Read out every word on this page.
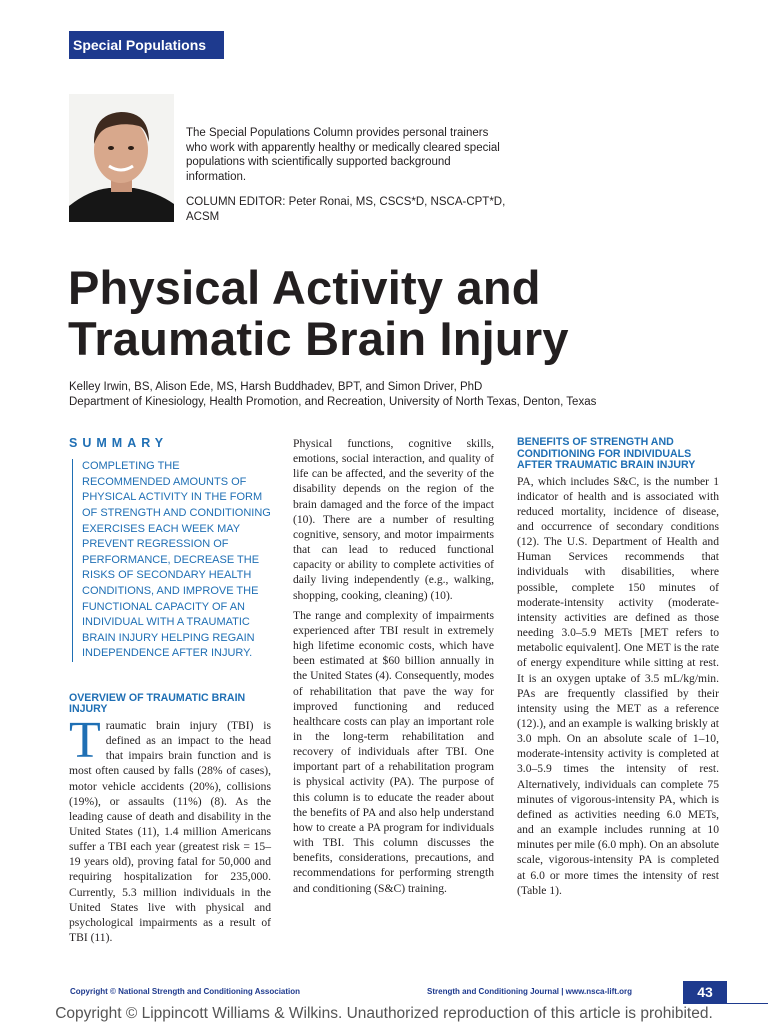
Special Populations

The Special Populations Column provides personal trainers who work with apparently healthy or medically cleared special populations with scientifically supported background information.

COLUMN EDITOR: Peter Ronai, MS, CSCS*D, NSCA-CPT*D, ACSM

Physical Activity and Traumatic Brain Injury
Kelley Irwin, BS, Alison Ede, MS, Harsh Buddhadev, BPT, and Simon Driver, PhD
Department of Kinesiology, Health Promotion, and Recreation, University of North Texas, Denton, Texas
SUMMARY
COMPLETING THE RECOMMENDED AMOUNTS OF PHYSICAL ACTIVITY IN THE FORM OF STRENGTH AND CONDITIONING EXERCISES EACH WEEK MAY PREVENT REGRESSION OF PERFORMANCE, DECREASE THE RISKS OF SECONDARY HEALTH CONDITIONS, AND IMPROVE THE FUNCTIONAL CAPACITY OF AN INDIVIDUAL WITH A TRAUMATIC BRAIN INJURY HELPING REGAIN INDEPENDENCE AFTER INJURY.
OVERVIEW OF TRAUMATIC BRAIN INJURY

Traumatic brain injury (TBI) is defined as an impact to the head that impairs brain function and is most often caused by falls (28% of cases), motor vehicle accidents (20%), collisions (19%), or assaults (11%) (8). As the leading cause of death and disability in the United States (11), 1.4 million Americans suffer a TBI each year (greatest risk = 15–19 years old), proving fatal for 50,000 and requiring hospitalization for 235,000. Currently, 5.3 million individuals in the United States live with physical and psychological impairments as a result of TBI (11).

Physical functions, cognitive skills, emotions, social interaction, and quality of life can be affected, and the severity of the disability depends on the region of the brain damaged and the force of the impact (10). There are a number of resulting cognitive, sensory, and motor impairments that can lead to reduced functional capacity or ability to complete activities of daily living independently (e.g., walking, shopping, cooking, cleaning) (10).

The range and complexity of impairments experienced after TBI result in extremely high lifetime economic costs, which have been estimated at $60 billion annually in the United States (4). Consequently, modes of rehabilitation that pave the way for improved functioning and reduced healthcare costs can play an important role in the long-term rehabilitation and recovery of individuals after TBI. One important part of a rehabilitation program is physical activity (PA). The purpose of this column is to educate the reader about the benefits of PA and also help understand how to create a PA program for individuals with TBI. This column discusses the benefits, considerations, precautions, and recommendations for performing strength and conditioning (S&C) training.

BENEFITS OF STRENGTH AND CONDITIONING FOR INDIVIDUALS AFTER TRAUMATIC BRAIN INJURY

PA, which includes S&C, is the number 1 indicator of health and is associated with reduced mortality, incidence of disease, and occurrence of secondary conditions (12). The U.S. Department of Health and Human Services recommends that individuals with disabilities, where possible, complete 150 minutes of moderate-intensity activity (moderate-intensity activities are defined as those needing 3.0–5.9 METs [MET refers to metabolic equivalent]. One MET is the rate of energy expenditure while sitting at rest. It is an oxygen uptake of 3.5 mL/kg/min. PAs are frequently classified by their intensity using the MET as a reference (12).), and an example is walking briskly at 3.0 mph. On an absolute scale of 1–10, moderate-intensity activity is completed at 3.0–5.9 times the intensity of rest. Alternatively, individuals can complete 75 minutes of vigorous-intensity PA, which is defined as activities needing 6.0 METs, and an example includes running at 10 minutes per mile (6.0 mph). On an absolute scale, vigorous-intensity PA is completed at 6.0 or more times the intensity of rest (Table 1).

Copyright © National Strength and Conditioning Association	Strength and Conditioning Journal | www.nsca-lift.org	43
Copyright © Lippincott Williams & Wilkins. Unauthorized reproduction of this article is prohibited.
